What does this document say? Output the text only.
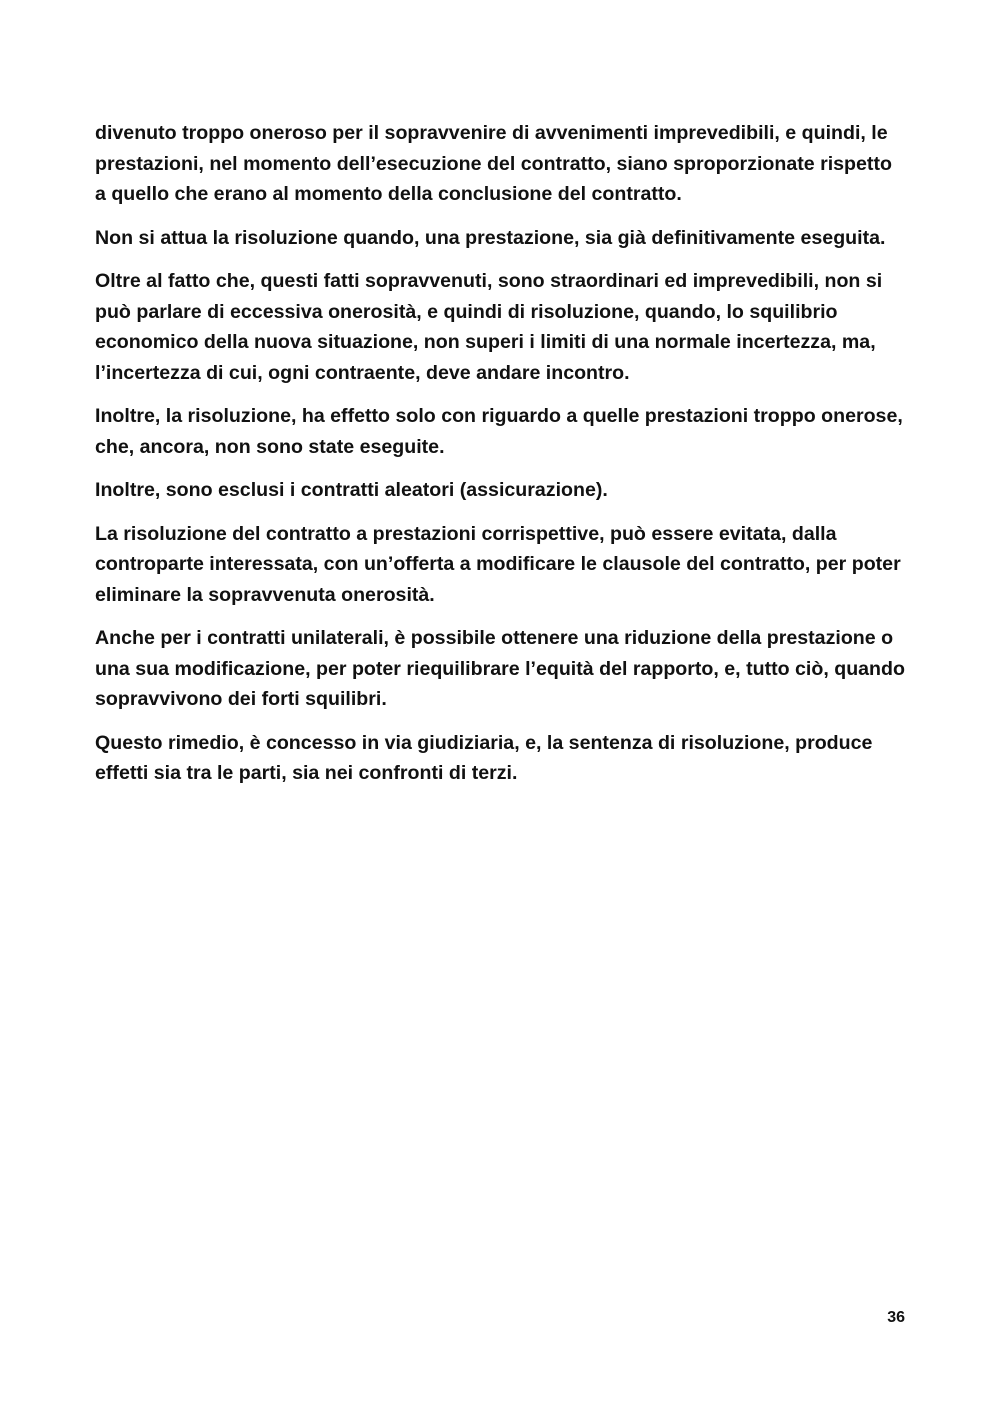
divenuto troppo oneroso per il sopravvenire di avvenimenti imprevedibili, e quindi, le prestazioni, nel momento dell’esecuzione del contratto, siano sproporzionate rispetto a quello che erano al momento della conclusione del contratto.

Non si attua la risoluzione quando, una prestazione, sia già definitivamente eseguita.

Oltre al fatto che, questi fatti sopravvenuti, sono straordinari ed imprevedibili, non si può parlare di eccessiva onerosità, e quindi di risoluzione, quando, lo squilibrio economico della nuova situazione, non superi i limiti di una normale incertezza, ma, l’incertezza di cui, ogni contraente, deve andare incontro.

Inoltre, la risoluzione, ha effetto solo con riguardo a quelle prestazioni troppo onerose, che, ancora, non sono state eseguite.

Inoltre, sono esclusi i contratti aleatori (assicurazione).

La risoluzione del contratto a prestazioni corrispettive, può essere evitata, dalla controparte interessata, con un’offerta a modificare le clausole del contratto, per poter eliminare la sopravvenuta onerosità.

Anche per i contratti unilaterali, è possibile ottenere una riduzione della prestazione o una sua modificazione, per poter riequilibrare l’equità del rapporto, e, tutto ciò, quando sopravvivono dei forti squilibri.

Questo rimedio, è concesso in via giudiziaria, e, la sentenza di risoluzione, produce effetti sia tra le parti, sia nei confronti di terzi.

36
